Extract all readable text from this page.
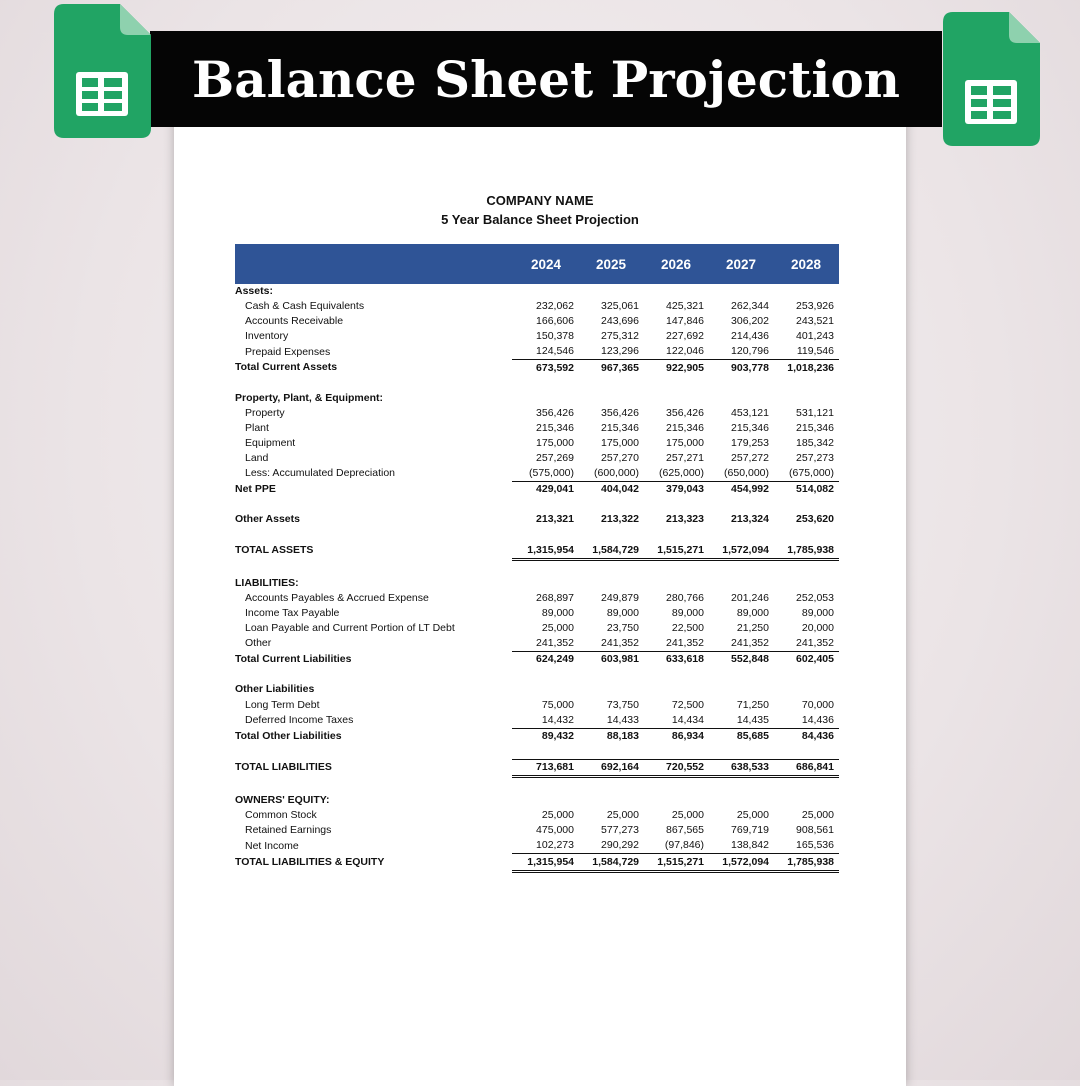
Balance Sheet Projection
COMPANY NAME
5 Year Balance Sheet Projection
	2024	2025	2026	2027	2028
Assets:					
Cash & Cash Equivalents	232,062	325,061	425,321	262,344	253,926
Accounts Receivable	166,606	243,696	147,846	306,202	243,521
Inventory	150,378	275,312	227,692	214,436	401,243
Prepaid Expenses	124,546	123,296	122,046	120,796	119,546
Total Current Assets	673,592	967,365	922,905	903,778	1,018,236

Property, Plant, & Equipment:					
Property	356,426	356,426	356,426	453,121	531,121
Plant	215,346	215,346	215,346	215,346	215,346
Equipment	175,000	175,000	175,000	179,253	185,342
Land	257,269	257,270	257,271	257,272	257,273
Less: Accumulated Depreciation	(575,000)	(600,000)	(625,000)	(650,000)	(675,000)
Net PPE	429,041	404,042	379,043	454,992	514,082

Other Assets	213,321	213,322	213,323	213,324	253,620

TOTAL ASSETS	1,315,954	1,584,729	1,515,271	1,572,094	1,785,938

LIABILITIES:					
Accounts Payables & Accrued Expense	268,897	249,879	280,766	201,246	252,053
Income Tax Payable	89,000	89,000	89,000	89,000	89,000
Loan Payable and Current Portion of LT Debt	25,000	23,750	22,500	21,250	20,000
Other	241,352	241,352	241,352	241,352	241,352
Total Current Liabilities	624,249	603,981	633,618	552,848	602,405

Other Liabilities					
Long Term Debt	75,000	73,750	72,500	71,250	70,000
Deferred Income Taxes	14,432	14,433	14,434	14,435	14,436
Total Other Liabilities	89,432	88,183	86,934	85,685	84,436

TOTAL LIABILITIES	713,681	692,164	720,552	638,533	686,841

OWNERS' EQUITY:					
Common Stock	25,000	25,000	25,000	25,000	25,000
Retained Earnings	475,000	577,273	867,565	769,719	908,561
Net Income	102,273	290,292	(97,846)	138,842	165,536
TOTAL LIABILITIES & EQUITY	1,315,954	1,584,729	1,515,271	1,572,094	1,785,938
